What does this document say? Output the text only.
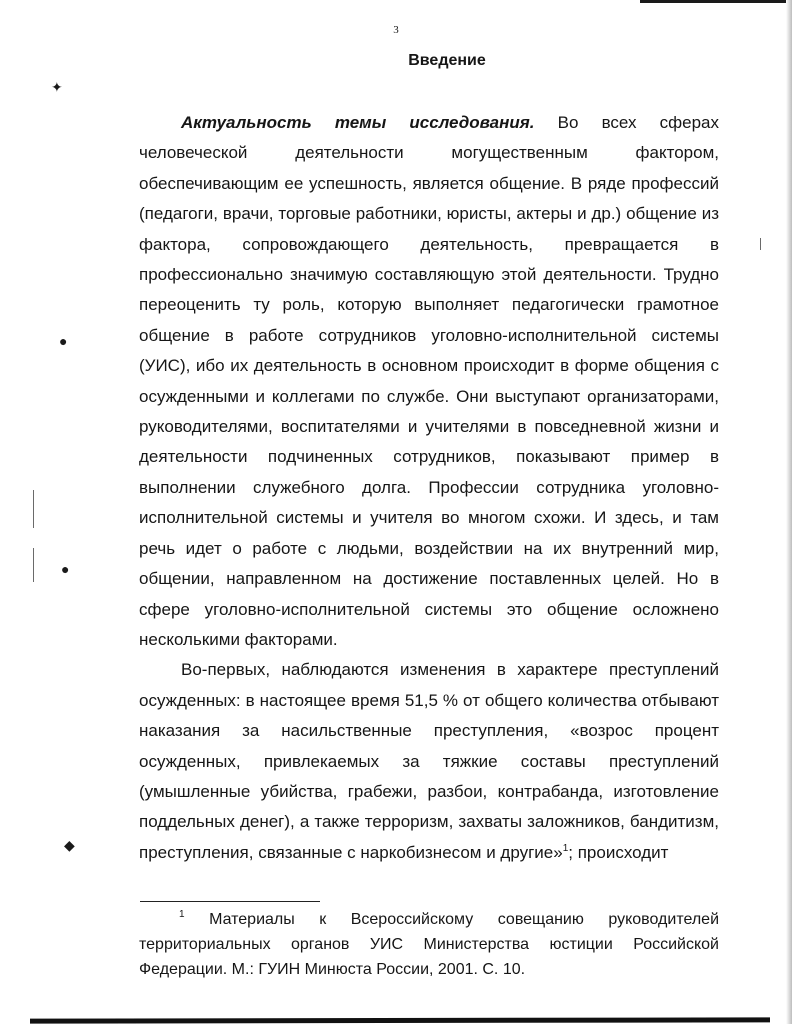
✦
●
●
◆
3
Введение

Актуальность темы исследования. Во всех сферах человеческой деятельности могущественным фактором, обеспечивающим ее успешность, является общение. В ряде профессий (педагоги, врачи, торговые работники, юристы, актеры и др.) общение из фактора, сопровождающего деятельность, превращается в профессионально значимую составляющую этой деятельности. Трудно переоценить ту роль, которую выполняет педагогически грамотное общение в работе сотрудников уголовно-исполнительной системы (УИС), ибо их деятельность в основном происходит в форме общения с осужденными и коллегами по службе. Они выступают организаторами, руководителями, воспитателями и учителями в повседневной жизни и деятельности подчиненных сотрудников, показывают пример в выполнении служебного долга. Профессии сотрудника уголовно-исполнительной системы и учителя во многом схожи. И здесь, и там речь идет о работе с людьми, воздействии на их внутренний мир, общении, направленном на достижение поставленных целей. Но в сфере уголовно-исполнительной системы это общение осложнено несколькими факторами.

Во-первых, наблюдаются изменения в характере преступлений осужденных: в настоящее время 51,5 % от общего количества отбывают наказания за насильственные преступления, «возрос процент осужденных, привлекаемых за тяжкие составы преступлений (умышленные убийства, грабежи, разбои, контрабанда, изготовление поддельных денег), а также терроризм, захваты заложников, бандитизм, преступления, связанные с наркобизнесом и другие»$^1$; происходит

$^1$ Материалы к Всероссийскому совещанию руководителей территориальных органов УИС Министерства юстиции Российской Федерации. М.: ГУИН Минюста России, 2001. С. 10.
